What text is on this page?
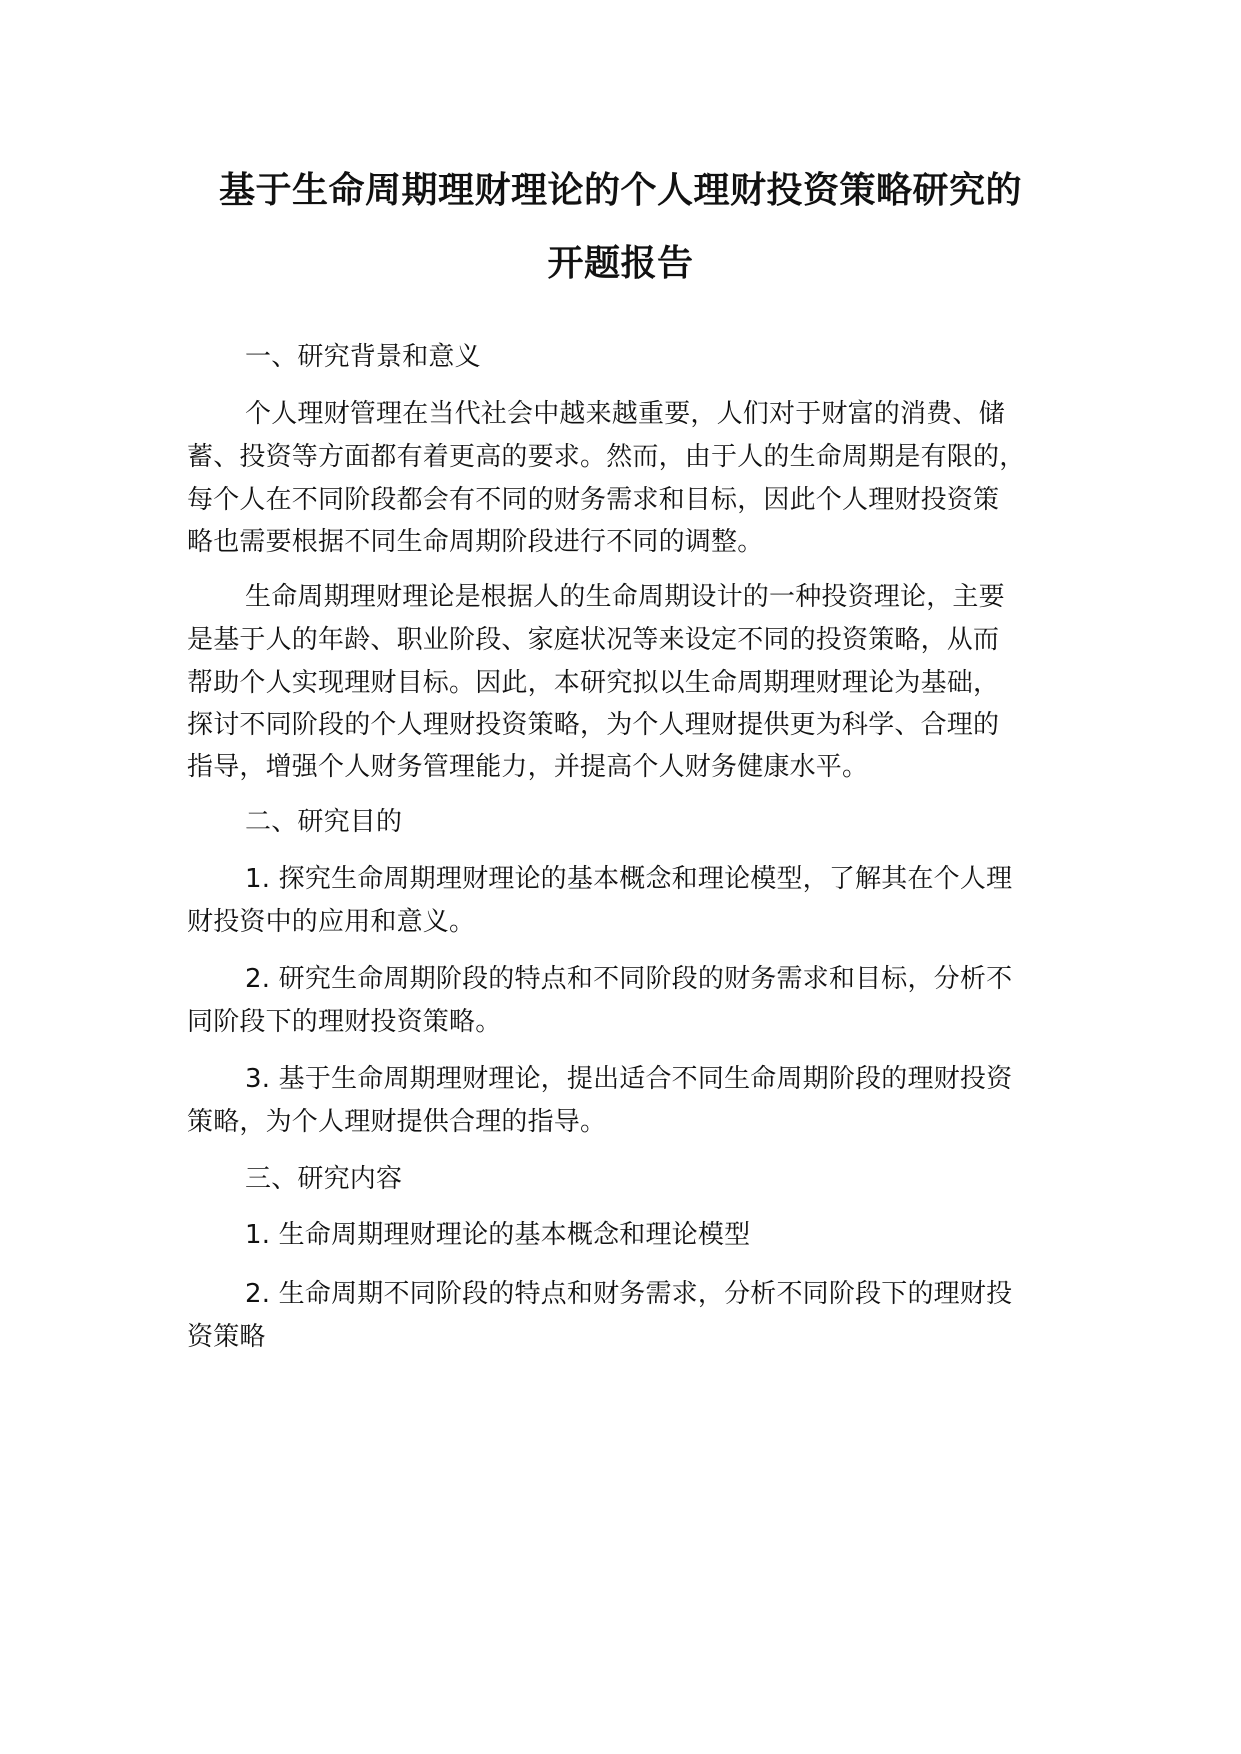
基于生命周期理财理论的个人理财投资策略研究的
开题报告
一、研究背景和意义
个人理财管理在当代社会中越来越重要，人们对于财富的消费、储
蓄、投资等方面都有着更高的要求。然而，由于人的生命周期是有限的，
每个人在不同阶段都会有不同的财务需求和目标，因此个人理财投资策
略也需要根据不同生命周期阶段进行不同的调整。
生命周期理财理论是根据人的生命周期设计的一种投资理论，主要
是基于人的年龄、职业阶段、家庭状况等来设定不同的投资策略，从而
帮助个人实现理财目标。因此，本研究拟以生命周期理财理论为基础，
探讨不同阶段的个人理财投资策略，为个人理财提供更为科学、合理的
指导，增强个人财务管理能力，并提高个人财务健康水平。
二、研究目的
1. 探究生命周期理财理论的基本概念和理论模型，了解其在个人理
财投资中的应用和意义。
2. 研究生命周期阶段的特点和不同阶段的财务需求和目标，分析不
同阶段下的理财投资策略。
3. 基于生命周期理财理论，提出适合不同生命周期阶段的理财投资
策略，为个人理财提供合理的指导。
三、研究内容
1. 生命周期理财理论的基本概念和理论模型
2. 生命周期不同阶段的特点和财务需求，分析不同阶段下的理财投
资策略
